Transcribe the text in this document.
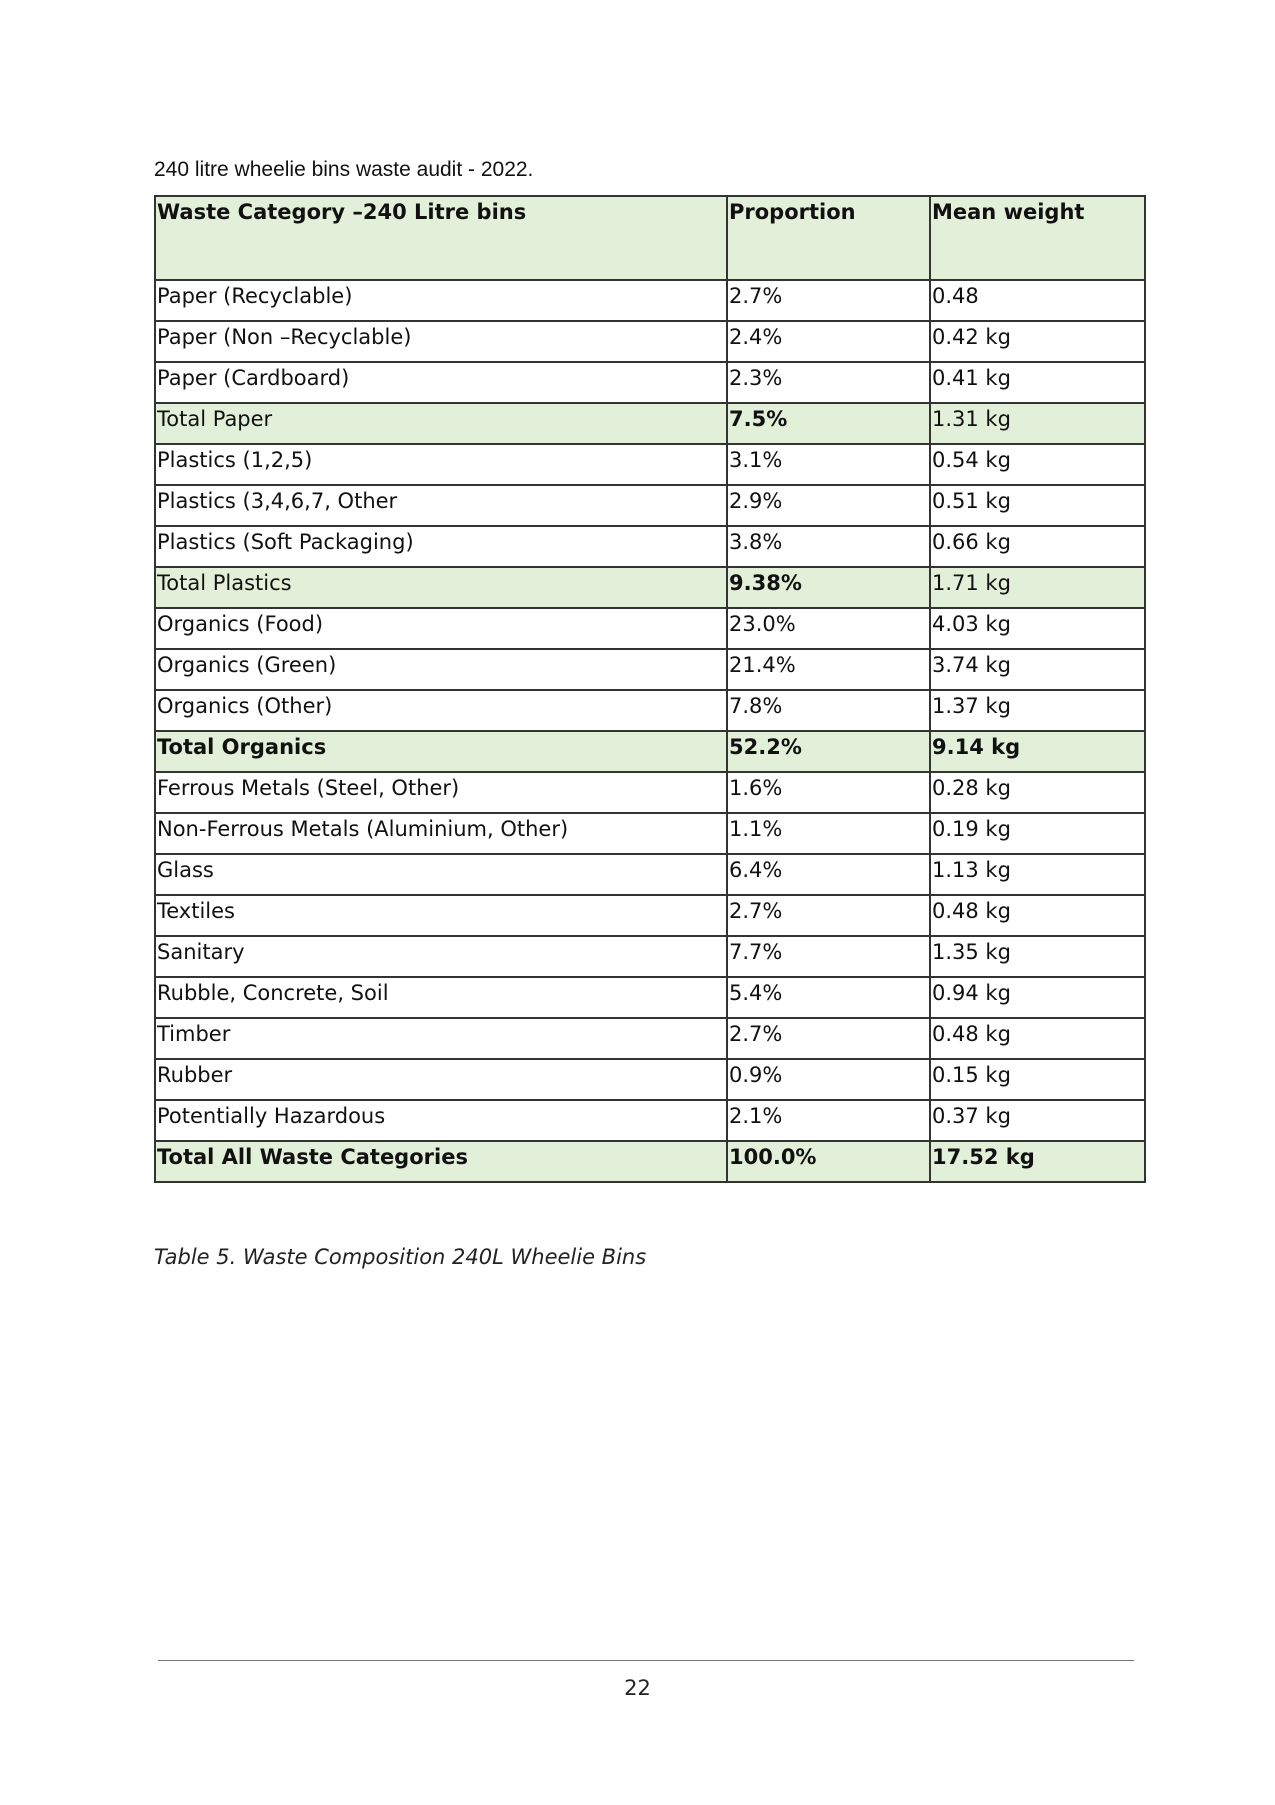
240 litre wheelie bins waste audit - 2022.
Waste Category –240 Litre bins	Proportion	Mean weight
Paper (Recyclable)	2.7%	0.48
Paper (Non –Recyclable)	2.4%	0.42 kg
Paper (Cardboard)	2.3%	0.41 kg
Total Paper	7.5%	1.31 kg
Plastics (1,2,5)	3.1%	0.54 kg
Plastics (3,4,6,7, Other	2.9%	0.51 kg
Plastics (Soft Packaging)	3.8%	0.66 kg
Total Plastics	9.38%	1.71 kg
Organics (Food)	23.0%	4.03 kg
Organics (Green)	21.4%	3.74 kg
Organics (Other)	7.8%	1.37 kg
Total Organics	52.2%	9.14 kg
Ferrous Metals (Steel, Other)	1.6%	0.28 kg
Non-Ferrous Metals (Aluminium, Other)	1.1%	0.19 kg
Glass	6.4%	1.13 kg
Textiles	2.7%	0.48 kg
Sanitary	7.7%	1.35 kg
Rubble, Concrete, Soil	5.4%	0.94 kg
Timber	2.7%	0.48 kg
Rubber	0.9%	0.15 kg
Potentially Hazardous	2.1%	0.37 kg
Total All Waste Categories	100.0%	17.52 kg
Table 5. Waste Composition 240L Wheelie Bins
22
